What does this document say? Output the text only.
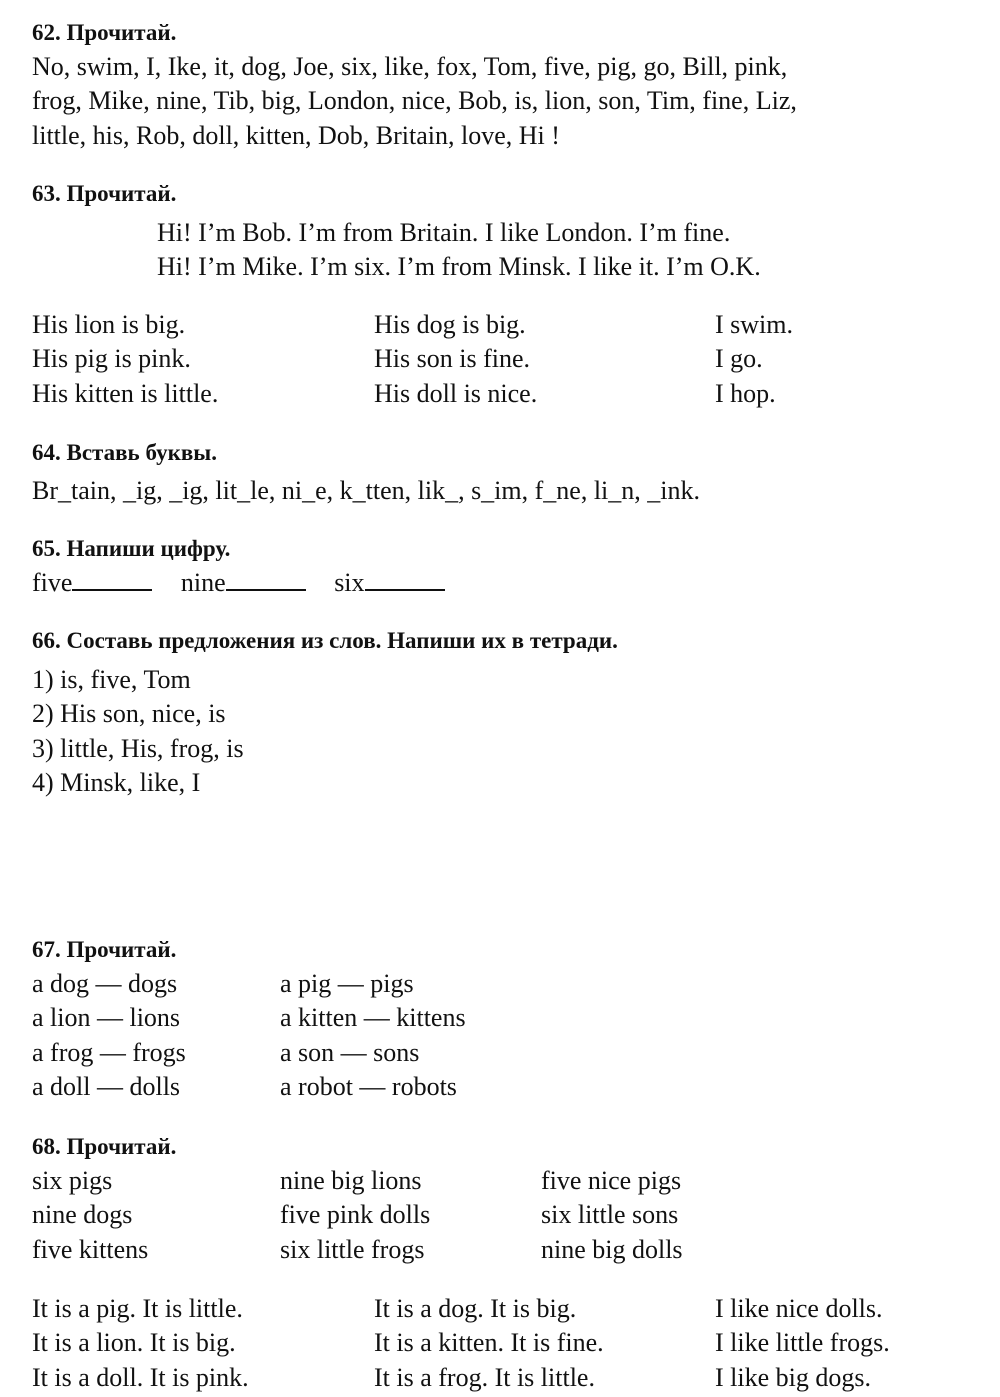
62. Прочитай.
No, swim, I, Ike, it, dog, Joe, six, like, fox, Tom, five, pig, go, Bill, pink,
frog, Mike, nine, Tib, big, London, nice, Bob, is, lion, son, Tim, fine, Liz,
little, his, Rob, doll, kitten, Dob, Britain, love, Hi !
63. Прочитай.
Hi! I’m Bob. I’m from Britain. I like London. I’m fine.
Hi! I’m Mike. I’m six. I’m from Minsk. I like it. I’m O.K.
His lion is big.	His dog is big.	I swim.
His pig is pink.	His son is fine.	I go.
His kitten is little.	His doll is nice.	I hop.
64. Вставь буквы.
Br_tain, _ig, _ig, lit_le, ni_e, k_tten, lik_, s_im, f_ne, li_n, _ink.
65. Напиши цифру.
five	nine	six
66. Составь предложения из слов. Напиши их в тетради.
1) is, five, Tom
2) His son, nice, is
3) little, His, frog, is
4) Minsk, like, I
67. Прочитай.
a dog — dogs	a pig — pigs
a lion — lions	a kitten — kittens
a frog — frogs	a son — sons
a doll — dolls	a robot — robots
68. Прочитай.
six pigs	nine big lions	five nice pigs
nine dogs	five pink dolls	six little sons
five kittens	six little frogs	nine big dolls
It is a pig. It is little.	It is a dog. It is big.	I like nice dolls.
It is a lion. It is big.	It is a kitten. It is fine.	I like little frogs.
It is a doll. It is pink.	It is a frog. It is little.	I like big dogs.
